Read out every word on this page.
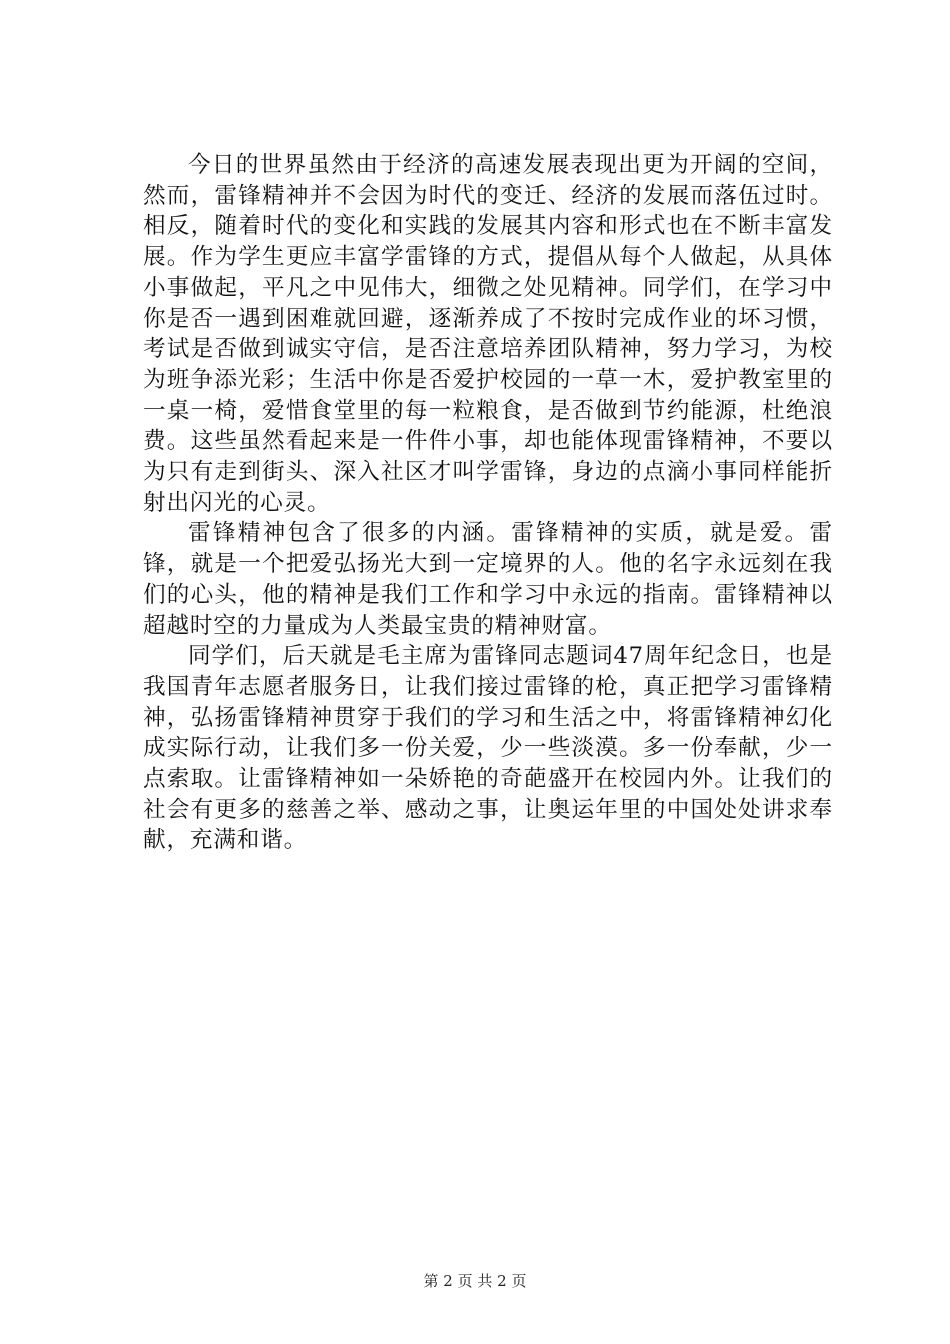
今日的世界虽然由于经济的高速发展表现出更为开阔的空间，然而，雷锋精神并不会因为时代的变迁、经济的发展而落伍过时。相反，随着时代的变化和实践的发展其内容和形式也在不断丰富发展。作为学生更应丰富学雷锋的方式，提倡从每个人做起，从具体小事做起，平凡之中见伟大，细微之处见精神。同学们，在学习中你是否一遇到困难就回避，逐渐养成了不按时完成作业的坏习惯，考试是否做到诚实守信，是否注意培养团队精神，努力学习，为校为班争添光彩；生活中你是否爱护校园的一草一木，爱护教室里的一桌一椅，爱惜食堂里的每一粒粮食，是否做到节约能源，杜绝浪费。这些虽然看起来是一件件小事，却也能体现雷锋精神，不要以为只有走到街头、深入社区才叫学雷锋，身边的点滴小事同样能折射出闪光的心灵。

雷锋精神包含了很多的内涵。雷锋精神的实质，就是爱。雷锋，就是一个把爱弘扬光大到一定境界的人。他的名字永远刻在我们的心头，他的精神是我们工作和学习中永远的指南。雷锋精神以超越时空的力量成为人类最宝贵的精神财富。

同学们，后天就是毛主席为雷锋同志题词47周年纪念日，也是我国青年志愿者服务日，让我们接过雷锋的枪，真正把学习雷锋精神，弘扬雷锋精神贯穿于我们的学习和生活之中，将雷锋精神幻化成实际行动，让我们多一份关爱，少一些淡漠。多一份奉献，少一点索取。让雷锋精神如一朵娇艳的奇葩盛开在校园内外。让我们的社会有更多的慈善之举、感动之事，让奥运年里的中国处处讲求奉献，充满和谐。

第 2 页 共 2 页
